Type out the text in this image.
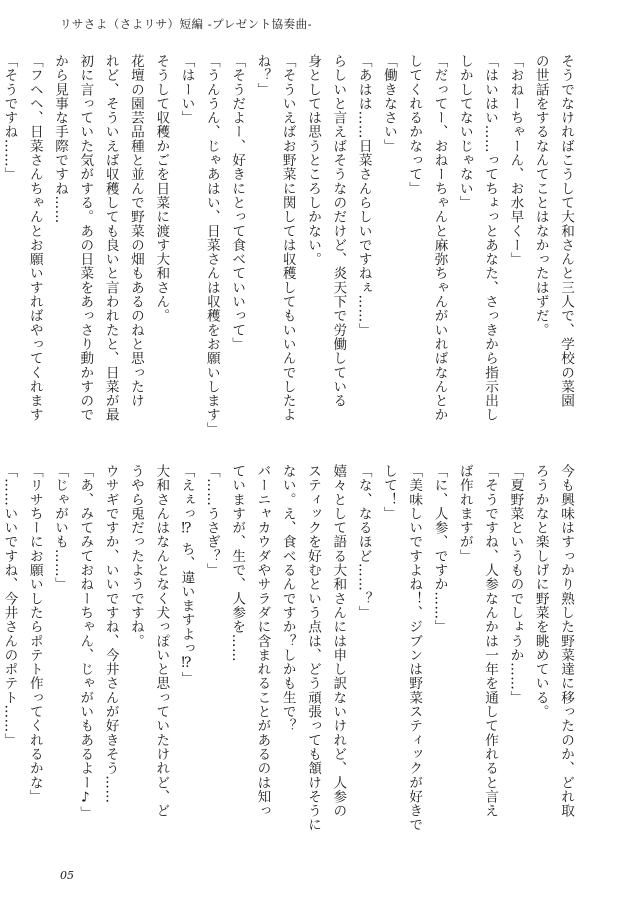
リサさよ（さよリサ）短編 -プレゼント協奏曲-
そうでなければこうして大和さんと三人で、学校の菜園
の世話をするなんてことはなかったはずだ。
「おねーちゃーん、お水早くー」
「はいはい……ってちょっとあなた、さっきから指示出し
しかしてないじゃない」
「だってー、おねーちゃんと麻弥ちゃんがいればなんとか
してくれるかなって」
「働きなさい」
「あはは……日菜さんらしいですねぇ……」
らしいと言えばそうなのだけど、炎天下で労働している
身としては思うところしかない。
「そういえばお野菜に関しては収穫してもいいんでしたよ
ね？」
「そうだよー、好きにとって食べていいって」
「うんうん、じゃあはい、日菜さんは収穫をお願いします」
「はーい」
そうして収穫かごを日菜に渡す大和さん。
花壇の園芸品種と並んで野菜の畑もあるのねと思ったけ
れど、そういえば収穫しても良いと言われたと、日菜が最
初に言っていた気がする。あの日菜をあっさり動かすので
から見事な手際ですね……
「フヘヘ、日菜さんちゃんとお願いすればやってくれます
「そうですね……」
今も興味はすっかり熟した野菜達に移ったのか、どれ取
ろうかなと楽しげに野菜を眺めている。
「夏野菜というものでしょうか……」
「そうですね、人参なんかは一年を通して作れると言え
ば作れますが」
「に、人参、ですか……」
「美味しいですよね！、ジブンは野菜スティックが好きで
して！」
「な、なるほど……？」
嬉々として語る大和さんには申し訳ないけれど、人参の
スティックを好むという点は、どう頑張っても頷けそうに
ない。え、食べるんですか？しかも生で？
バーニャカウダやサラダに含まれることがあるのは知っ
ていますが、生で、人参を……
「……うさぎ？」
「えぇっ⁉ ち、違いますよっ⁉」
大和さんはなんとなく犬っぽいと思っていたけれど、ど
うやら兎だったようですね。
ウサギですか、いいですね、今井さんが好きそう……
「あ、みてみておねーちゃん、じゃがいもあるよー♪」
「じゃがいも……」
「リサちーにお願いしたらポテト作ってくれるかな」
「……いいですね、今井さんのポテト……」
05
